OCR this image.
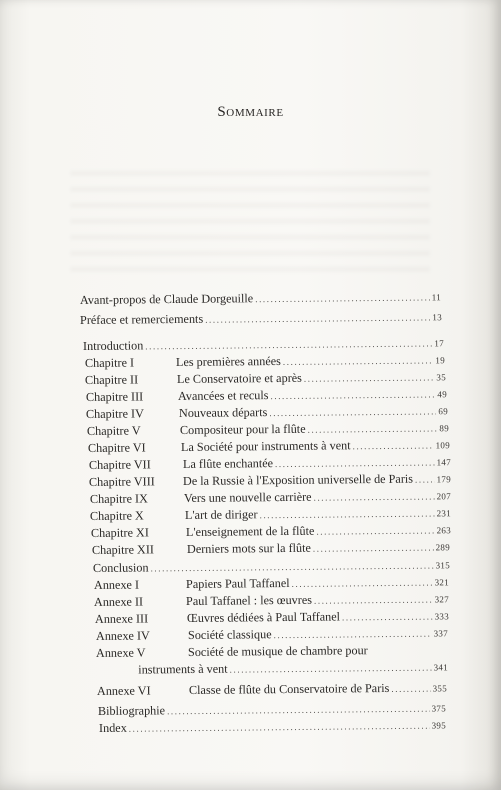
Sommaire
Avant-propos de Claude Dorgeuille .....	11
Préface et remerciements .....	13
Introduction .....	17
Chapitre I	Les premières années .....	19
Chapitre II	Le Conservatoire et après .....	35
Chapitre III	Avancées et reculs .....	49
Chapitre IV	Nouveaux départs .....	69
Chapitre V	Compositeur pour la flûte .....	89
Chapitre VI	La Société pour instruments à vent .....	109
Chapitre VII	La flûte enchantée .....	147
Chapitre VIII	De la Russie à l'Exposition universelle de Paris .....	179
Chapitre IX	Vers une nouvelle carrière .....	207
Chapitre X	L'art de diriger .....	231
Chapitre XI	L'enseignement de la flûte .....	263
Chapitre XII	Derniers mots sur la flûte .....	289
Conclusion .....	315
Annexe I	Papiers Paul Taffanel .....	321
Annexe II	Paul Taffanel : les œuvres .....	327
Annexe III	Œuvres dédiées à Paul Taffanel .....	333
Annexe IV	Société classique .....	337
Annexe V	Société de musique de chambre pour
instruments à vent .....	341
Annexe VI	Classe de flûte du Conservatoire de Paris .....	355
Bibliographie .....	375
Index .....	395
